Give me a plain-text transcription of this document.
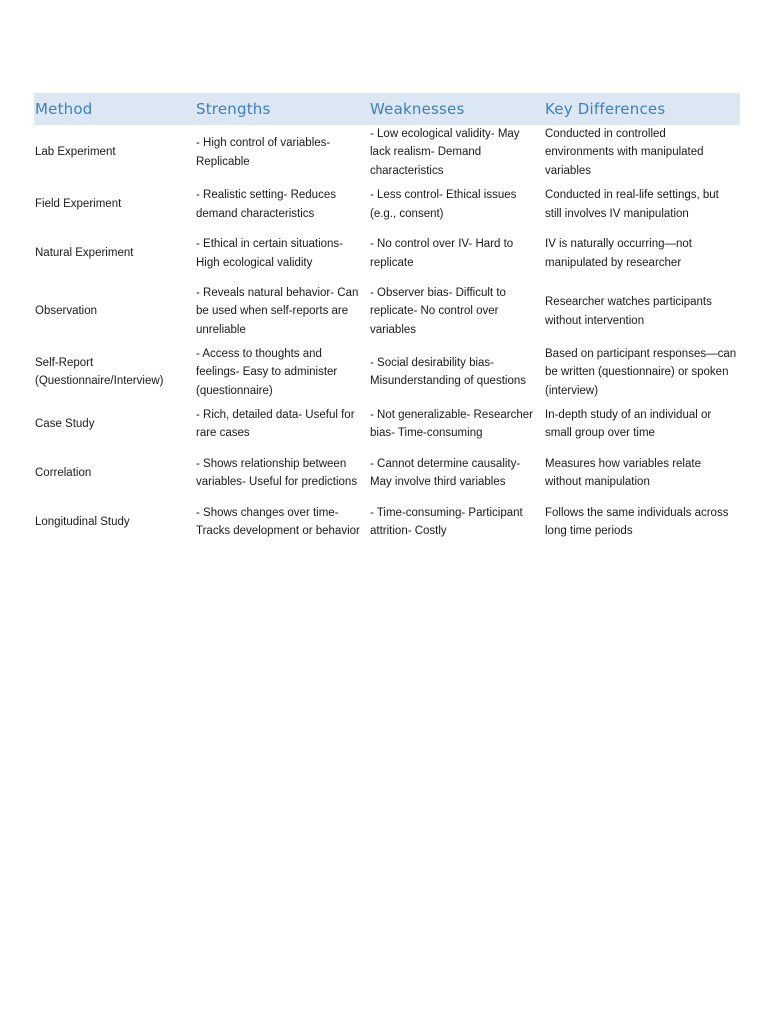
Method	Strengths	Weaknesses	Key Differences
Lab Experiment	- High control of variables- Replicable	- Low ecological validity- May lack realism- Demand characteristics	Conducted in controlled environments with manipulated variables
Field Experiment	- Realistic setting- Reduces demand characteristics	- Less control- Ethical issues (e.g., consent)	Conducted in real-life settings, but still involves IV manipulation
Natural Experiment	- Ethical in certain situations- High ecological validity	- No control over IV- Hard to replicate	IV is naturally occurring—not manipulated by researcher
Observation	- Reveals natural behavior- Can be used when self-reports are unreliable	- Observer bias- Difficult to replicate- No control over variables	Researcher watches participants without intervention
Self-Report (Questionnaire/Interview)	- Access to thoughts and feelings- Easy to administer (questionnaire)	- Social desirability bias- Misunderstanding of questions	Based on participant responses—can be written (questionnaire) or spoken (interview)
Case Study	- Rich, detailed data- Useful for rare cases	- Not generalizable- Researcher bias- Time-consuming	In-depth study of an individual or small group over time
Correlation	- Shows relationship between variables- Useful for predictions	- Cannot determine causality- May involve third variables	Measures how variables relate without manipulation
Longitudinal Study	- Shows changes over time- Tracks development or behavior	- Time-consuming- Participant attrition- Costly	Follows the same individuals across long time periods
